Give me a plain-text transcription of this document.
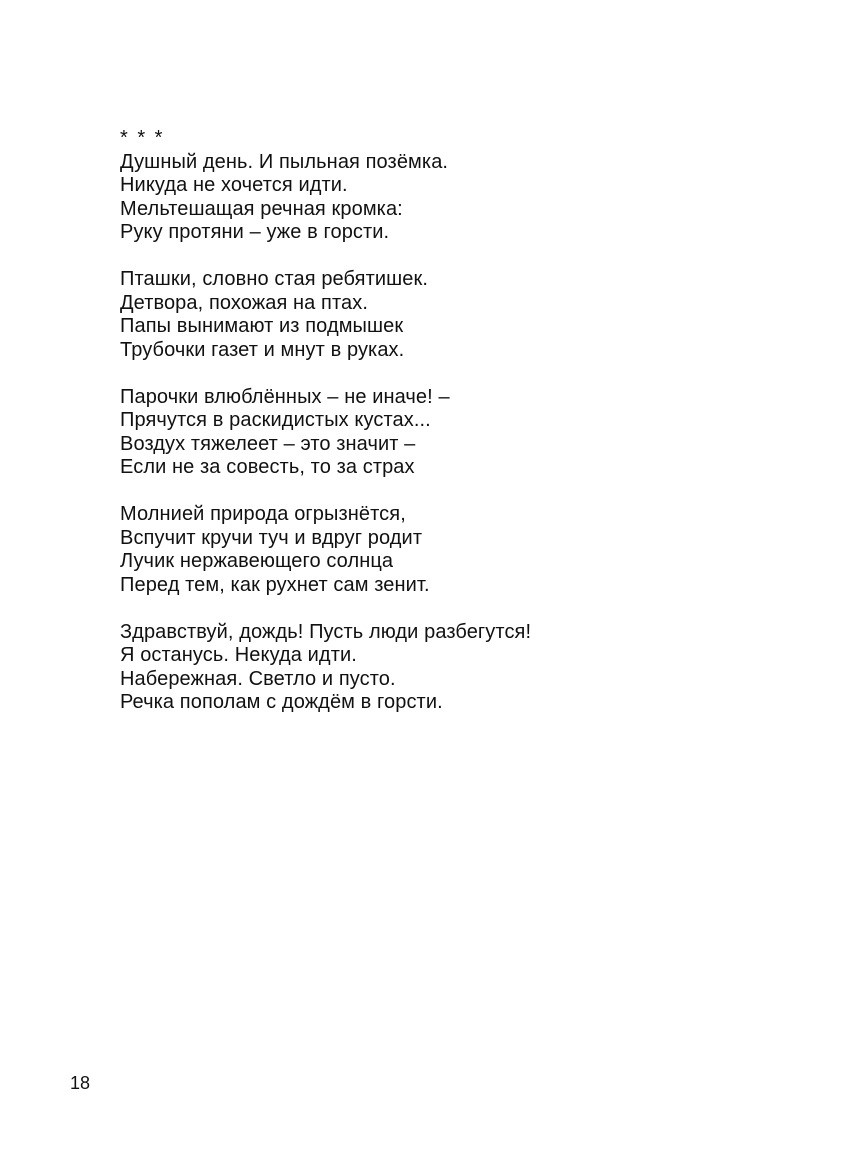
* * *
Душный день. И пыльная позёмка.
Никуда не хочется идти.
Мельтешащая речная кромка:
Руку протяни – уже в горсти.
Пташки, словно стая ребятишек.
Детвора, похожая на птах.
Папы вынимают из подмышек
Трубочки газет и мнут в руках.
Парочки влюблённых – не иначе! –
Прячутся в раскидистых кустах...
Воздух тяжелеет – это значит –
Если не за совесть, то за страх
Молнией природа огрызнётся,
Вспучит кручи туч и вдруг родит
Лучик нержавеющего солнца
Перед тем, как рухнет сам зенит.
Здравствуй, дождь! Пусть люди разбегутся!
Я останусь. Некуда идти.
Набережная. Светло и пусто.
Речка пополам с дождём в горсти.
18
